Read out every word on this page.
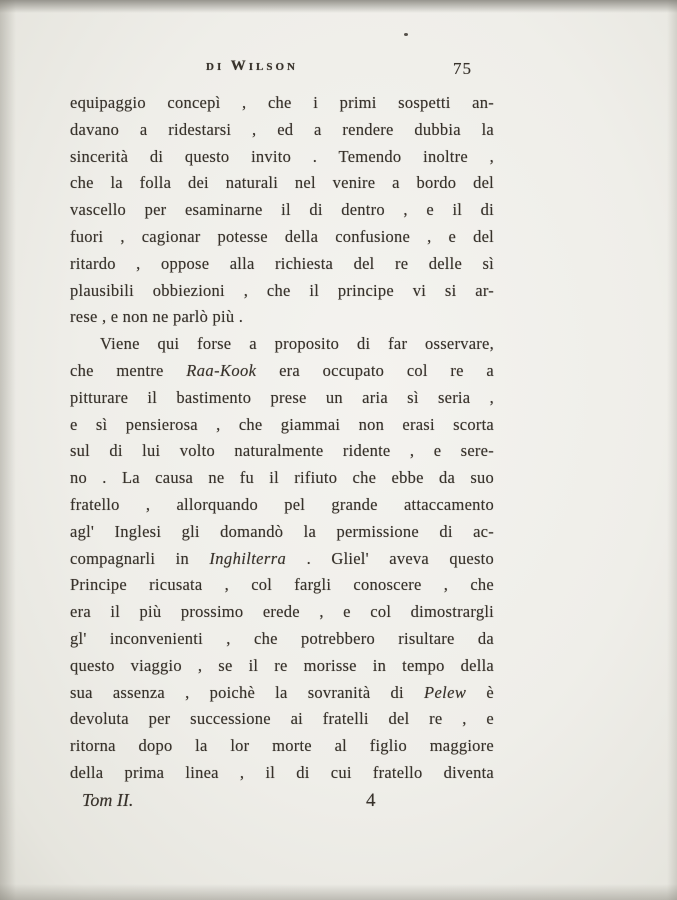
di Wilson	75
equipaggio concepì , che i primi sospetti an-
davano a ridestarsi , ed a rendere dubbia la
sincerità di questo invito . Temendo inoltre ,
che la folla dei naturali nel venire a bordo del
vascello per esaminarne il di dentro , e il di
fuori , cagionar potesse della confusione , e del
ritardo , oppose alla richiesta del re delle sì
plausibili obbiezioni , che il principe vi si ar-
rese , e non ne parlò più .
Viene qui forse a proposito di far osservare,
che mentre Raa-Kook era occupato col re a
pitturare il bastimento prese un aria sì seria ,
e sì pensierosa , che giammai non erasi scorta
sul di lui volto naturalmente ridente , e sere-
no . La causa ne fu il rifiuto che ebbe da suo
fratello , allorquando pel grande attaccamento
agl' Inglesi gli domandò la permissione di ac-
compagnarli in Inghilterra . Gliel' aveva questo
Principe ricusata , col fargli conoscere , che
era il più prossimo erede , e col dimostrargli
gl' inconvenienti , che potrebbero risultare da
questo viaggio , se il re morisse in tempo della
sua assenza , poichè la sovranità di Pelew è
devoluta per successione ai fratelli del re , e
ritorna dopo la lor morte al figlio maggiore
della prima linea , il di cui fratello diventa
Tom II.	4
